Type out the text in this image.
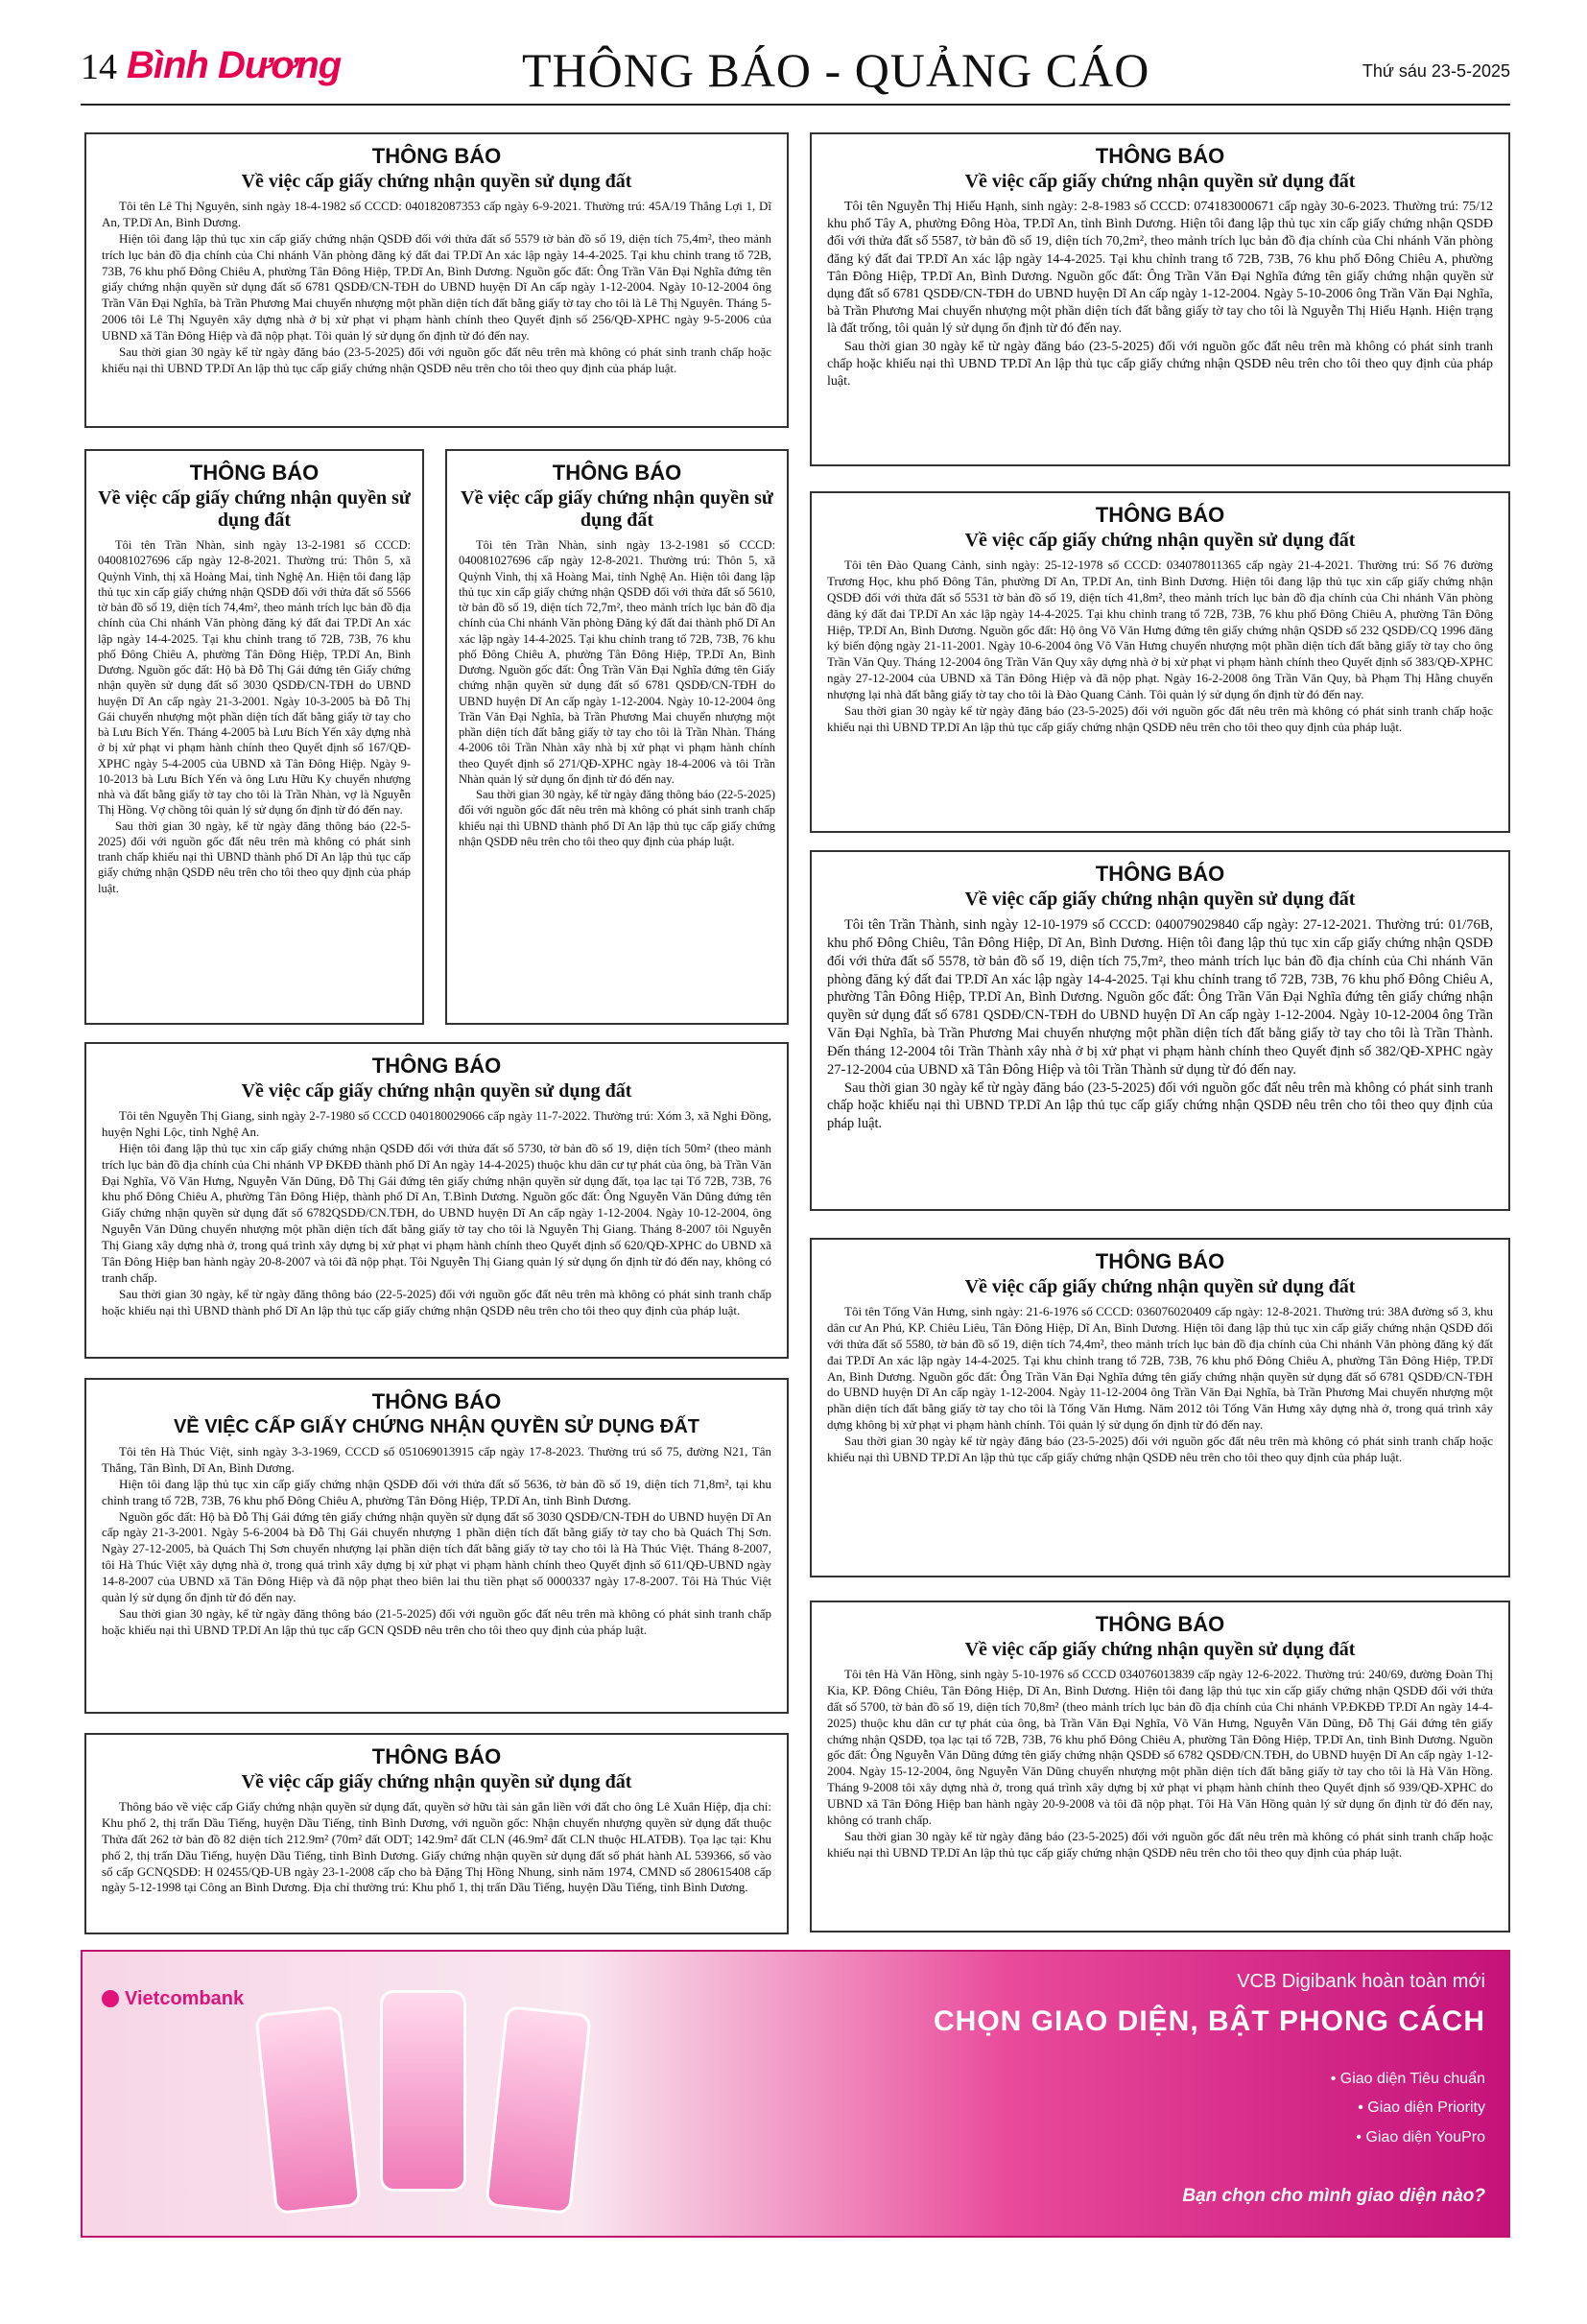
14 Bình Dương	THÔNG BÁO - QUẢNG CÁO	Thứ sáu 23-5-2025
THÔNG BÁO
Về việc cấp giấy chứng nhận quyền sử dụng đất

Tôi tên Lê Thị Nguyên, sinh ngày 18-4-1982 số CCCD: 040182087353 cấp ngày 6-9-2021. Thường trú: 45A/19 Thắng Lợi 1, Dĩ An, TP.Dĩ An, Bình Dương.

Hiện tôi đang lập thủ tục xin cấp giấy chứng nhận QSDĐ đối với thửa đất số 5579 tờ bản đồ số 19, diện tích 75,4m², theo mảnh trích lục bản đồ địa chính của Chi nhánh Văn phòng đăng ký đất đai TP.Dĩ An xác lập ngày 14-4-2025. Tại khu chỉnh trang tổ 72B, 73B, 76 khu phố Đông Chiêu A, phường Tân Đông Hiệp, TP.Dĩ An, Bình Dương. Nguồn gốc đất: Ông Trần Văn Đại Nghĩa đứng tên giấy chứng nhận quyền sử dụng đất số 6781 QSDĐ/CN-TĐH do UBND huyện Dĩ An cấp ngày 1-12-2004. Ngày 10-12-2004 ông Trần Văn Đại Nghĩa, bà Trần Phương Mai chuyển nhượng một phần diện tích đất bằng giấy tờ tay cho tôi là Lê Thị Nguyên. Tháng 5-2006 tôi Lê Thị Nguyên xây dựng nhà ở bị xử phạt vi phạm hành chính theo Quyết định số 256/QĐ-XPHC ngày 9-5-2006 của UBND xã Tân Đông Hiệp và đã nộp phạt. Tôi quản lý sử dụng ổn định từ đó đến nay.

Sau thời gian 30 ngày kể từ ngày đăng báo (23-5-2025) đối với nguồn gốc đất nêu trên mà không có phát sinh tranh chấp hoặc khiếu nại thì UBND TP.Dĩ An lập thủ tục cấp giấy chứng nhận QSDĐ nêu trên cho tôi theo quy định của pháp luật.

THÔNG BÁO
Về việc cấp giấy chứng nhận quyền sử dụng đất

Tôi tên Trần Nhàn, sinh ngày 13-2-1981 số CCCD: 040081027696 cấp ngày 12-8-2021. Thường trú: Thôn 5, xã Quỳnh Vinh, thị xã Hoàng Mai, tỉnh Nghệ An. Hiện tôi đang lập thủ tục xin cấp giấy chứng nhận QSDĐ đối với thửa đất số 5566 tờ bản đồ số 19, diện tích 74,4m², theo mảnh trích lục bản đồ địa chính của Chi nhánh Văn phòng đăng ký đất đai TP.Dĩ An xác lập ngày 14-4-2025. Tại khu chỉnh trang tổ 72B, 73B, 76 khu phố Đông Chiêu A, phường Tân Đông Hiệp, TP.Dĩ An, Bình Dương. Nguồn gốc đất: Hộ bà Đỗ Thị Gái đứng tên Giấy chứng nhận quyền sử dụng đất số 3030 QSDĐ/CN-TĐH do UBND huyện Dĩ An cấp ngày 21-3-2001. Ngày 10-3-2005 bà Đỗ Thị Gái chuyển nhượng một phần diện tích đất bằng giấy tờ tay cho bà Lưu Bích Yến. Tháng 4-2005 bà Lưu Bích Yến xây dựng nhà ở bị xử phạt vi phạm hành chính theo Quyết định số 167/QĐ-XPHC ngày 5-4-2005 của UBND xã Tân Đông Hiệp. Ngày 9-10-2013 bà Lưu Bích Yến và ông Lưu Hữu Ky chuyển nhượng nhà và đất bằng giấy tờ tay cho tôi là Trần Nhàn, vợ là Nguyễn Thị Hồng. Vợ chồng tôi quản lý sử dụng ổn định từ đó đến nay.

Sau thời gian 30 ngày, kể từ ngày đăng thông báo (22-5-2025) đối với nguồn gốc đất nêu trên mà không có phát sinh tranh chấp khiếu nại thì UBND thành phố Dĩ An lập thủ tục cấp giấy chứng nhận QSDĐ nêu trên cho tôi theo quy định của pháp luật.

THÔNG BÁO
Về việc cấp giấy chứng nhận quyền sử dụng đất

Tôi tên Trần Nhàn, sinh ngày 13-2-1981 số CCCD: 040081027696 cấp ngày 12-8-2021. Thường trú: Thôn 5, xã Quỳnh Vinh, thị xã Hoàng Mai, tỉnh Nghệ An. Hiện tôi đang lập thủ tục xin cấp giấy chứng nhận QSDĐ đối với thửa đất số 5610, tờ bản đồ số 19, diện tích 72,7m², theo mảnh trích lục bản đồ địa chính của Chi nhánh Văn phòng Đăng ký đất đai thành phố Dĩ An xác lập ngày 14-4-2025. Tại khu chỉnh trang tổ 72B, 73B, 76 khu phố Đông Chiêu A, phường Tân Đông Hiệp, TP.Dĩ An, Bình Dương. Nguồn gốc đất: Ông Trần Văn Đại Nghĩa đứng tên Giấy chứng nhận quyền sử dụng đất số 6781 QSDĐ/CN-TĐH do UBND huyện Dĩ An cấp ngày 1-12-2004. Ngày 10-12-2004 ông Trần Văn Đại Nghĩa, bà Trần Phương Mai chuyển nhượng một phần diện tích đất bằng giấy tờ tay cho tôi là Trần Nhàn. Tháng 4-2006 tôi Trần Nhàn xây nhà bị xử phạt vi phạm hành chính theo Quyết định số 271/QĐ-XPHC ngày 18-4-2006 và tôi Trần Nhàn quản lý sử dụng ổn định từ đó đến nay.

Sau thời gian 30 ngày, kể từ ngày đăng thông báo (22-5-2025) đối với nguồn gốc đất nêu trên mà không có phát sinh tranh chấp khiếu nại thì UBND thành phố Dĩ An lập thủ tục cấp giấy chứng nhận QSDĐ nêu trên cho tôi theo quy định của pháp luật.

THÔNG BÁO
Về việc cấp giấy chứng nhận quyền sử dụng đất

Tôi tên Nguyễn Thị Giang, sinh ngày 2-7-1980 số CCCD 040180029066 cấp ngày 11-7-2022. Thường trú: Xóm 3, xã Nghi Đồng, huyện Nghi Lộc, tỉnh Nghệ An.

Hiện tôi đang lập thủ tục xin cấp giấy chứng nhận QSDĐ đối với thửa đất số 5730, tờ bản đồ số 19, diện tích 50m² (theo mảnh trích lục bản đồ địa chính của Chi nhánh VP ĐKĐĐ thành phố Dĩ An ngày 14-4-2025) thuộc khu dân cư tự phát của ông, bà Trần Văn Đại Nghĩa, Võ Văn Hưng, Nguyễn Văn Dũng, Đỗ Thị Gái đứng tên giấy chứng nhận quyền sử dụng đất, tọa lạc tại Tổ 72B, 73B, 76 khu phố Đông Chiêu A, phường Tân Đông Hiệp, thành phố Dĩ An, T.Bình Dương. Nguồn gốc đất: Ông Nguyễn Văn Dũng đứng tên Giấy chứng nhận quyền sử dụng đất số 6782QSDĐ/CN.TĐH, do UBND huyện Dĩ An cấp ngày 1-12-2004. Ngày 10-12-2004, ông Nguyễn Văn Dũng chuyển nhượng một phần diện tích đất bằng giấy tờ tay cho tôi là Nguyễn Thị Giang. Tháng 8-2007 tôi Nguyễn Thị Giang xây dựng nhà ở, trong quá trình xây dựng bị xử phạt vi phạm hành chính theo Quyết định số 620/QĐ-XPHC do UBND xã Tân Đông Hiệp ban hành ngày 20-8-2007 và tôi đã nộp phạt. Tôi Nguyễn Thị Giang quản lý sử dụng ổn định từ đó đến nay, không có tranh chấp.

Sau thời gian 30 ngày, kể từ ngày đăng thông báo (22-5-2025) đối với nguồn gốc đất nêu trên mà không có phát sinh tranh chấp hoặc khiếu nại thì UBND thành phố Dĩ An lập thủ tục cấp giấy chứng nhận QSDĐ nêu trên cho tôi theo quy định của pháp luật.

THÔNG BÁO
VỀ VIỆC CẤP GIẤY CHỨNG NHẬN QUYỀN SỬ DỤNG ĐẤT

Tôi tên Hà Thúc Việt, sinh ngày 3-3-1969, CCCD số 051069013915 cấp ngày 17-8-2023. Thường trú số 75, đường N21, Tân Thắng, Tân Bình, Dĩ An, Bình Dương.

Hiện tôi đang lập thủ tục xin cấp giấy chứng nhận QSDĐ đối với thửa đất số 5636, tờ bản đồ số 19, diện tích 71,8m², tại khu chỉnh trang tổ 72B, 73B, 76 khu phố Đông Chiêu A, phường Tân Đông Hiệp, TP.Dĩ An, tỉnh Bình Dương.

Nguồn gốc đất: Hộ bà Đỗ Thị Gái đứng tên giấy chứng nhận quyền sử dụng đất số 3030 QSDĐ/CN-TĐH do UBND huyện Dĩ An cấp ngày 21-3-2001. Ngày 5-6-2004 bà Đỗ Thị Gái chuyển nhượng 1 phần diện tích đất bằng giấy tờ tay cho bà Quách Thị Sơn. Ngày 27-12-2005, bà Quách Thị Sơn chuyển nhượng lại phần diện tích đất bằng giấy tờ tay cho tôi là Hà Thúc Việt. Tháng 8-2007, tôi Hà Thúc Việt xây dựng nhà ở, trong quá trình xây dựng bị xử phạt vi phạm hành chính theo Quyết định số 611/QĐ-UBND ngày 14-8-2007 của UBND xã Tân Đông Hiệp và đã nộp phạt theo biên lai thu tiền phạt số 0000337 ngày 17-8-2007. Tôi Hà Thúc Việt quản lý sử dụng ổn định từ đó đến nay.

Sau thời gian 30 ngày, kể từ ngày đăng thông báo (21-5-2025) đối với nguồn gốc đất nêu trên mà không có phát sinh tranh chấp hoặc khiếu nại thì UBND TP.Dĩ An lập thủ tục cấp GCN QSDĐ nêu trên cho tôi theo quy định của pháp luật.

THÔNG BÁO
Về việc cấp giấy chứng nhận quyền sử dụng đất

Thông báo về việc cấp Giấy chứng nhận quyền sử dụng đất, quyền sở hữu tài sản gắn liền với đất cho ông Lê Xuân Hiệp, địa chỉ: Khu phố 2, thị trấn Dầu Tiếng, huyện Dầu Tiếng, tỉnh Bình Dương, với nguồn gốc: Nhận chuyển nhượng quyền sử dụng đất thuộc Thửa đất 262 tờ bản đồ 82 diện tích 212.9m² (70m² đất ODT; 142.9m² đất CLN (46.9m² đất CLN thuộc HLATĐB). Tọa lạc tại: Khu phố 2, thị trấn Dầu Tiếng, huyện Dầu Tiếng, tỉnh Bình Dương. Giấy chứng nhận quyền sử dụng đất số phát hành AL 539366, số vào sổ cấp GCNQSDĐ: H 02455/QĐ-UB ngày 23-1-2008 cấp cho bà Đặng Thị Hồng Nhung, sinh năm 1974, CMND số 280615408 cấp ngày 5-12-1998 tại Công an Bình Dương. Địa chỉ thường trú: Khu phố 1, thị trấn Dầu Tiếng, huyện Dầu Tiếng, tỉnh Bình Dương.

THÔNG BÁO
Về việc cấp giấy chứng nhận quyền sử dụng đất

Tôi tên Nguyễn Thị Hiếu Hạnh, sinh ngày: 2-8-1983 số CCCD: 074183000671 cấp ngày 30-6-2023. Thường trú: 75/12 khu phố Tây A, phường Đông Hòa, TP.Dĩ An, tỉnh Bình Dương. Hiện tôi đang lập thủ tục xin cấp giấy chứng nhận QSDĐ đối với thửa đất số 5587, tờ bản đồ số 19, diện tích 70,2m², theo mảnh trích lục bản đồ địa chính của Chi nhánh Văn phòng đăng ký đất đai TP.Dĩ An xác lập ngày 14-4-2025. Tại khu chỉnh trang tổ 72B, 73B, 76 khu phố Đông Chiêu A, phường Tân Đông Hiệp, TP.Dĩ An, Bình Dương. Nguồn gốc đất: Ông Trần Văn Đại Nghĩa đứng tên giấy chứng nhận quyền sử dụng đất số 6781 QSDĐ/CN-TĐH do UBND huyện Dĩ An cấp ngày 1-12-2004. Ngày 5-10-2006 ông Trần Văn Đại Nghĩa, bà Trần Phương Mai chuyển nhượng một phần diện tích đất bằng giấy tờ tay cho tôi là Nguyễn Thị Hiếu Hạnh. Hiện trạng là đất trống, tôi quản lý sử dụng ổn định từ đó đến nay.

Sau thời gian 30 ngày kể từ ngày đăng báo (23-5-2025) đối với nguồn gốc đất nêu trên mà không có phát sinh tranh chấp hoặc khiếu nại thì UBND TP.Dĩ An lập thủ tục cấp giấy chứng nhận QSDĐ nêu trên cho tôi theo quy định của pháp luật.

THÔNG BÁO
Về việc cấp giấy chứng nhận quyền sử dụng đất

Tôi tên Đào Quang Cảnh, sinh ngày: 25-12-1978 số CCCD: 034078011365 cấp ngày 21-4-2021. Thường trú: Số 76 đường Trương Học, khu phố Đông Tân, phường Dĩ An, TP.Dĩ An, tỉnh Bình Dương. Hiện tôi đang lập thủ tục xin cấp giấy chứng nhận QSDĐ đối với thửa đất số 5531 tờ bản đồ số 19, diện tích 41,8m², theo mảnh trích lục bản đồ địa chính của Chi nhánh Văn phòng đăng ký đất đai TP.Dĩ An xác lập ngày 14-4-2025. Tại khu chỉnh trang tổ 72B, 73B, 76 khu phố Đông Chiêu A, phường Tân Đông Hiệp, TP.Dĩ An, Bình Dương. Nguồn gốc đất: Hộ ông Võ Văn Hưng đứng tên giấy chứng nhận QSDĐ số 232 QSDĐ/CQ 1996 đăng ký biến động ngày 21-11-2001. Ngày 10-6-2004 ông Võ Văn Hưng chuyển nhượng một phần diện tích đất bằng giấy tờ tay cho ông Trần Văn Quy. Tháng 12-2004 ông Trần Văn Quy xây dựng nhà ở bị xử phạt vi phạm hành chính theo Quyết định số 383/QĐ-XPHC ngày 27-12-2004 của UBND xã Tân Đông Hiệp và đã nộp phạt. Ngày 16-2-2008 ông Trần Văn Quy, bà Phạm Thị Hằng chuyển nhượng lại nhà đất bằng giấy tờ tay cho tôi là Đào Quang Cảnh. Tôi quản lý sử dụng ổn định từ đó đến nay.

Sau thời gian 30 ngày kể từ ngày đăng báo (23-5-2025) đối với nguồn gốc đất nêu trên mà không có phát sinh tranh chấp hoặc khiếu nại thì UBND TP.Dĩ An lập thủ tục cấp giấy chứng nhận QSDĐ nêu trên cho tôi theo quy định của pháp luật.

THÔNG BÁO
Về việc cấp giấy chứng nhận quyền sử dụng đất

Tôi tên Trần Thành, sinh ngày 12-10-1979 số CCCD: 040079029840 cấp ngày: 27-12-2021. Thường trú: 01/76B, khu phố Đông Chiêu, Tân Đông Hiệp, Dĩ An, Bình Dương. Hiện tôi đang lập thủ tục xin cấp giấy chứng nhận QSDĐ đối với thửa đất số 5578, tờ bản đồ số 19, diện tích 75,7m², theo mảnh trích lục bản đồ địa chính của Chi nhánh Văn phòng đăng ký đất đai TP.Dĩ An xác lập ngày 14-4-2025. Tại khu chỉnh trang tổ 72B, 73B, 76 khu phố Đông Chiêu A, phường Tân Đông Hiệp, TP.Dĩ An, Bình Dương. Nguồn gốc đất: Ông Trần Văn Đại Nghĩa đứng tên giấy chứng nhận quyền sử dụng đất số 6781 QSDĐ/CN-TĐH do UBND huyện Dĩ An cấp ngày 1-12-2004. Ngày 10-12-2004 ông Trần Văn Đại Nghĩa, bà Trần Phương Mai chuyển nhượng một phần diện tích đất bằng giấy tờ tay cho tôi là Trần Thành. Đến tháng 12-2004 tôi Trần Thành xây nhà ở bị xử phạt vi phạm hành chính theo Quyết định số 382/QĐ-XPHC ngày 27-12-2004 của UBND xã Tân Đông Hiệp và tôi Trần Thành sử dụng từ đó đến nay.

Sau thời gian 30 ngày kể từ ngày đăng báo (23-5-2025) đối với nguồn gốc đất nêu trên mà không có phát sinh tranh chấp hoặc khiếu nại thì UBND TP.Dĩ An lập thủ tục cấp giấy chứng nhận QSDĐ nêu trên cho tôi theo quy định của pháp luật.

THÔNG BÁO
Về việc cấp giấy chứng nhận quyền sử dụng đất

Tôi tên Tống Văn Hưng, sinh ngày: 21-6-1976 số CCCD: 036076020409 cấp ngày: 12-8-2021. Thường trú: 38A đường số 3, khu dân cư An Phú, KP. Chiêu Liêu, Tân Đông Hiệp, Dĩ An, Bình Dương. Hiện tôi đang lập thủ tục xin cấp giấy chứng nhận QSDĐ đối với thửa đất số 5580, tờ bản đồ số 19, diện tích 74,4m², theo mảnh trích lục bản đồ địa chính của Chi nhánh Văn phòng đăng ký đất đai TP.Dĩ An xác lập ngày 14-4-2025. Tại khu chỉnh trang tổ 72B, 73B, 76 khu phố Đông Chiêu A, phường Tân Đông Hiệp, TP.Dĩ An, Bình Dương. Nguồn gốc đất: Ông Trần Văn Đại Nghĩa đứng tên giấy chứng nhận quyền sử dụng đất số 6781 QSDĐ/CN-TĐH do UBND huyện Dĩ An cấp ngày 1-12-2004. Ngày 11-12-2004 ông Trần Văn Đại Nghĩa, bà Trần Phương Mai chuyển nhượng một phần diện tích đất bằng giấy tờ tay cho tôi là Tống Văn Hưng. Năm 2012 tôi Tống Văn Hưng xây dựng nhà ở, trong quá trình xây dựng không bị xử phạt vi phạm hành chính. Tôi quản lý sử dụng ổn định từ đó đến nay.

Sau thời gian 30 ngày kể từ ngày đăng báo (23-5-2025) đối với nguồn gốc đất nêu trên mà không có phát sinh tranh chấp hoặc khiếu nại thì UBND TP.Dĩ An lập thủ tục cấp giấy chứng nhận QSDĐ nêu trên cho tôi theo quy định của pháp luật.

THÔNG BÁO
Về việc cấp giấy chứng nhận quyền sử dụng đất

Tôi tên Hà Văn Hồng, sinh ngày 5-10-1976 số CCCD 034076013839 cấp ngày 12-6-2022. Thường trú: 240/69, đường Đoàn Thị Kia, KP. Đông Chiêu, Tân Đông Hiệp, Dĩ An, Bình Dương. Hiện tôi đang lập thủ tục xin cấp giấy chứng nhận QSDĐ đối với thửa đất số 5700, tờ bản đồ số 19, diện tích 70,8m² (theo mảnh trích lục bản đồ địa chính của Chi nhánh VP.ĐKĐĐ TP.Dĩ An ngày 14-4-2025) thuộc khu dân cư tự phát của ông, bà Trần Văn Đại Nghĩa, Võ Văn Hưng, Nguyễn Văn Dũng, Đỗ Thị Gái đứng tên giấy chứng nhận QSDĐ, tọa lạc tại tổ 72B, 73B, 76 khu phố Đông Chiêu A, phường Tân Đông Hiệp, TP.Dĩ An, tỉnh Bình Dương. Nguồn gốc đất: Ông Nguyễn Văn Dũng đứng tên giấy chứng nhận QSDĐ số 6782 QSDĐ/CN.TĐH, do UBND huyện Dĩ An cấp ngày 1-12-2004. Ngày 15-12-2004, ông Nguyễn Văn Dũng chuyển nhượng một phần diện tích đất bằng giấy tờ tay cho tôi là Hà Văn Hồng. Tháng 9-2008 tôi xây dựng nhà ở, trong quá trình xây dựng bị xử phạt vi phạm hành chính theo Quyết định số 939/QĐ-XPHC do UBND xã Tân Đông Hiệp ban hành ngày 20-9-2008 và tôi đã nộp phạt. Tôi Hà Văn Hồng quản lý sử dụng ổn định từ đó đến nay, không có tranh chấp.

Sau thời gian 30 ngày kể từ ngày đăng báo (23-5-2025) đối với nguồn gốc đất nêu trên mà không có phát sinh tranh chấp hoặc khiếu nại thì UBND TP.Dĩ An lập thủ tục cấp giấy chứng nhận QSDĐ nêu trên cho tôi theo quy định của pháp luật.

Vietcombank
VCB Digibank hoàn toàn mới
CHỌN GIAO DIỆN, BẬT PHONG CÁCH
• Giao diện Tiêu chuẩn
• Giao diện Priority
• Giao diện YouPro
Bạn chọn cho mình giao diện nào?
